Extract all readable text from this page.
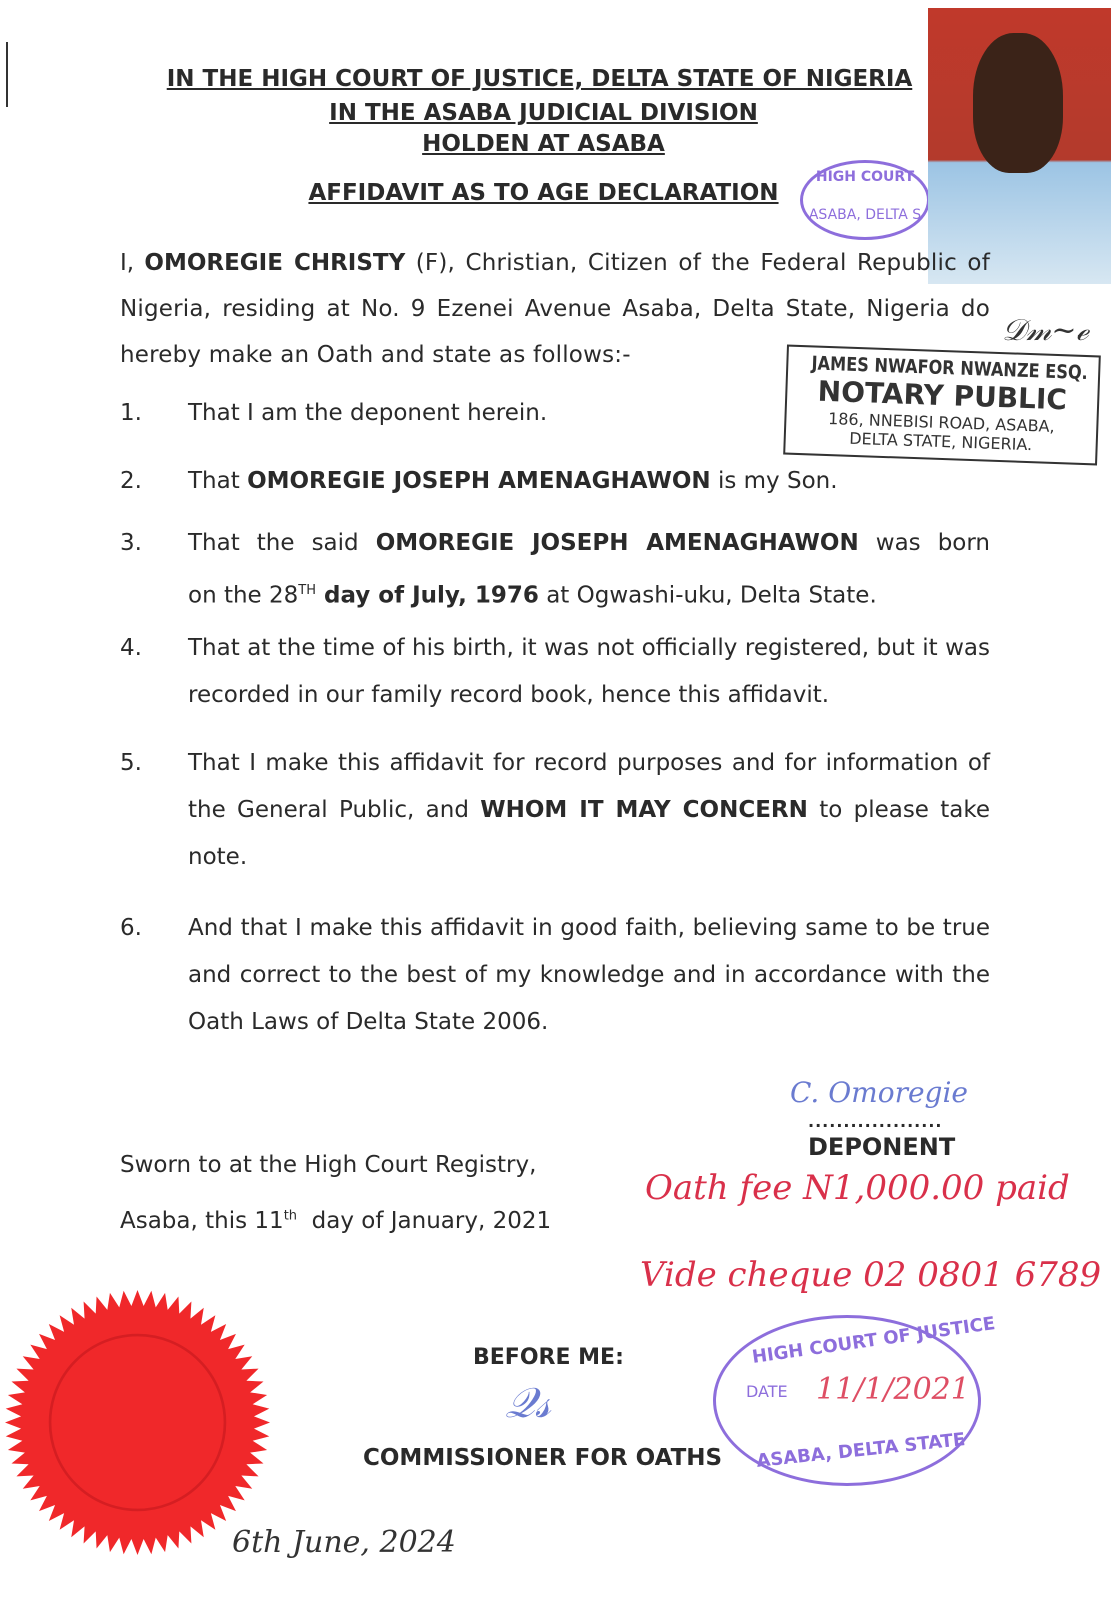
IN THE HIGH COURT OF JUSTICE, DELTA STATE OF NIGERIA
IN THE ASABA JUDICIAL DIVISION
HOLDEN AT ASABA
AFFIDAVIT AS TO AGE DECLARATION
HIGH COURT
ASABA, DELTA S
I, OMOREGIE CHRISTY (F), Christian, Citizen of the Federal Republic of Nigeria, residing at No. 9 Ezenei Avenue Asaba, Delta State, Nigeria do hereby make an Oath and state as follows:-	JAMES NWAFOR NWANZE ESQ.
NOTARY PUBLIC
186, NNEBISI ROAD, ASABA,
DELTA STATE, NIGERIA.
𝒟𝓂~ℯ
1. That I am the deponent herein.
2. That OMOREGIE JOSEPH AMENAGHAWON is my Son.
3. That the said OMOREGIE JOSEPH AMENAGHAWON was born
on the 28TH day of July, 1976 at Ogwashi-uku, Delta State.
4. That at the time of his birth, it was not officially registered, but it was recorded in our family record book, hence this affidavit.
5. That I make this affidavit for record purposes and for information of the General Public, and WHOM IT MAY CONCERN to please take note.
6. And that I make this affidavit in good faith, believing same to be true and correct to the best of my knowledge and in accordance with the Oath Laws of Delta State 2006.
C. Omoregie
...................
DEPONENT
Sworn to at the High Court Registry,
Asaba, this 11th  day of January, 2021
Oath fee N1,000.00 paid
Vide cheque 02 0801 6789
BEFORE ME:
𝒬𝓈
COMMISSIONER FOR OATHS
HIGH COURT OF JUSTICE
DATE 11/1/2021
ASABA, DELTA STATE
6th June, 2024
